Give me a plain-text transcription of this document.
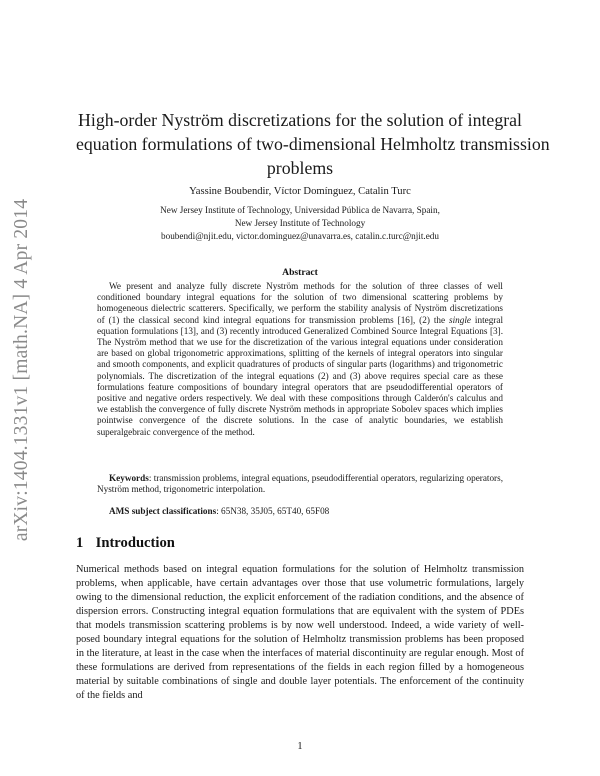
arXiv:1404.1331v1 [math.NA] 4 Apr 2014
High-order Nyström discretizations for the solution of integral
equation formulations of two-dimensional Helmholtz transmission
problems
Yassine Boubendir, Víctor Domínguez, Catalin Turc
New Jersey Institute of Technology, Universidad Pública de Navarra, Spain,
New Jersey Institute of Technology
boubendi@njit.edu, victor.dominguez@unavarra.es, catalin.c.turc@njit.edu
Abstract

We present and analyze fully discrete Nyström methods for the solution of three classes of well conditioned boundary integral equations for the solution of two dimensional scattering problems by homogeneous dielectric scatterers. Specifically, we perform the stability analysis of Nyström discretizations of (1) the classical second kind integral equations for transmission problems [16], (2) the single integral equation formulations [13], and (3) recently introduced Generalized Combined Source Integral Equations [3]. The Nyström method that we use for the discretization of the various integral equations under consideration are based on global trigonometric approximations, splitting of the kernels of integral operators into singular and smooth components, and explicit quadratures of products of singular parts (logarithms) and trigonometric polynomials. The discretization of the integral equations (2) and (3) above requires special care as these formulations feature compositions of boundary integral operators that are pseudodifferential operators of positive and negative orders respectively. We deal with these compositions through Calderón's calculus and we establish the convergence of fully discrete Nyström methods in appropriate Sobolev spaces which implies pointwise convergence of the discrete solutions. In the case of analytic boundaries, we establish superalgebraic convergence of the method.

Keywords: transmission problems, integral equations, pseudodifferential operators, regularizing operators, Nyström method, trigonometric interpolation.
AMS subject classifications: 65N38, 35J05, 65T40, 65F08
1 Introduction
Numerical methods based on integral equation formulations for the solution of Helmholtz transmission problems, when applicable, have certain advantages over those that use volumetric formulations, largely owing to the dimensional reduction, the explicit enforcement of the radiation conditions, and the absence of dispersion errors. Constructing integral equation formulations that are equivalent with the system of PDEs that models transmission scattering problems is by now well understood. Indeed, a wide variety of well-posed boundary integral equations for the solution of Helmholtz transmission problems has been proposed in the literature, at least in the case when the interfaces of material discontinuity are regular enough. Most of these formulations are derived from representations of the fields in each region filled by a homogeneous material by suitable combinations of single and double layer potentials. The enforcement of the continuity of the fields and
1
